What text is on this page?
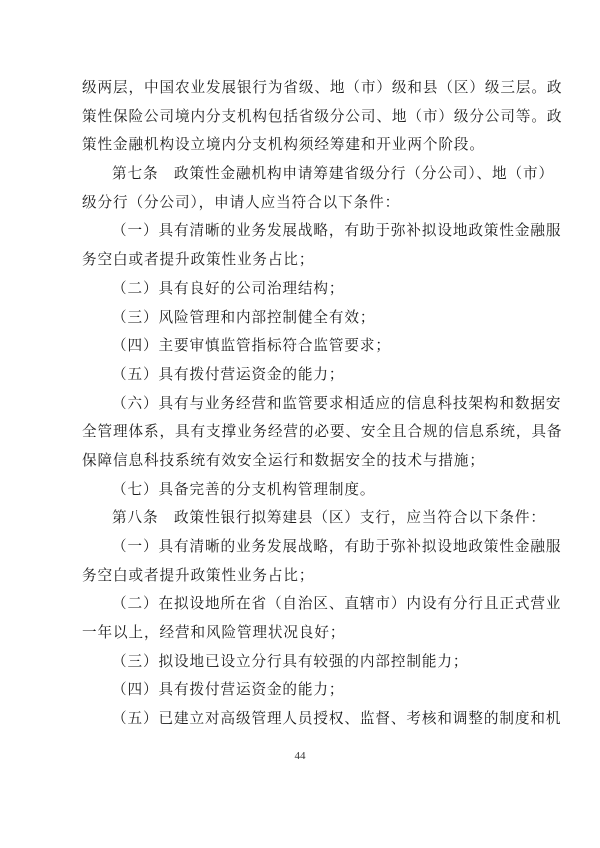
级两层，中国农业发展银行为省级、地（市）级和县（区）级三层。政
策性保险公司境内分支机构包括省级分公司、地（市）级分公司等。政
策性金融机构设立境内分支机构须经筹建和开业两个阶段。
第七条　政策性金融机构申请筹建省级分行（分公司）、地（市）
级分行（分公司），申请人应当符合以下条件：
（一）具有清晰的业务发展战略，有助于弥补拟设地政策性金融服
务空白或者提升政策性业务占比；
（二）具有良好的公司治理结构；
（三）风险管理和内部控制健全有效；
（四）主要审慎监管指标符合监管要求；
（五）具有拨付营运资金的能力；
（六）具有与业务经营和监管要求相适应的信息科技架构和数据安
全管理体系，具有支撑业务经营的必要、安全且合规的信息系统，具备
保障信息科技系统有效安全运行和数据安全的技术与措施；
（七）具备完善的分支机构管理制度。
第八条　政策性银行拟筹建县（区）支行，应当符合以下条件：
（一）具有清晰的业务发展战略，有助于弥补拟设地政策性金融服
务空白或者提升政策性业务占比；
（二）在拟设地所在省（自治区、直辖市）内设有分行且正式营业
一年以上，经营和风险管理状况良好；
（三）拟设地已设立分行具有较强的内部控制能力；
（四）具有拨付营运资金的能力；
（五）已建立对高级管理人员授权、监督、考核和调整的制度和机
44
